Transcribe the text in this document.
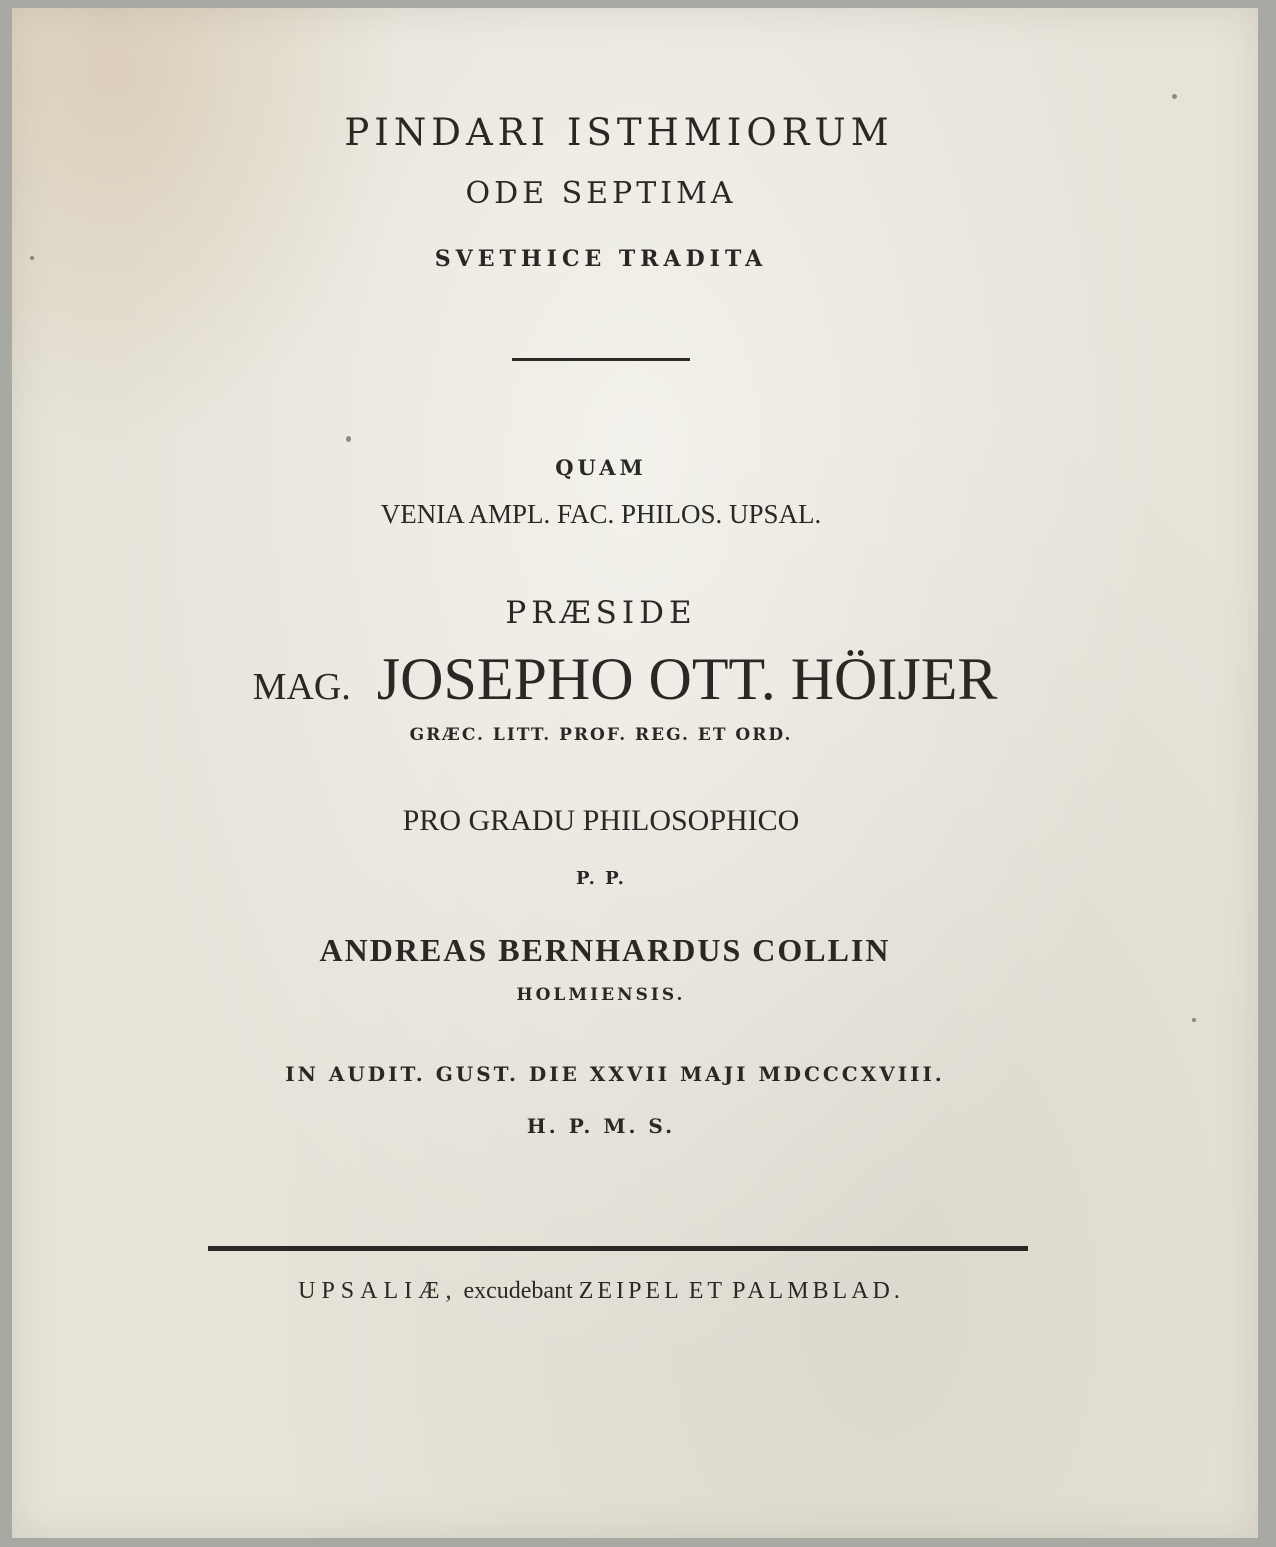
PINDARI ISTHMIORUM
ODE SEPTIMA
SVETHICE TRADITA
QUAM
VENIA AMPL. FAC. PHILOS. UPSAL.
PRÆSIDE
MAG. JOSEPHO OTT. HÖIJER
GRÆC. LITT. PROF. REG. ET ORD.
PRO GRADU PHILOSOPHICO
P. P.
ANDREAS BERNHARDUS COLLIN
HOLMIENSIS.
IN AUDIT. GUST. DIE XXVII MAJI MDCCCXVIII.
H. P. M. S.
UPSALIÆ, excudebant ZEIPEL ET PALMBLAD.
